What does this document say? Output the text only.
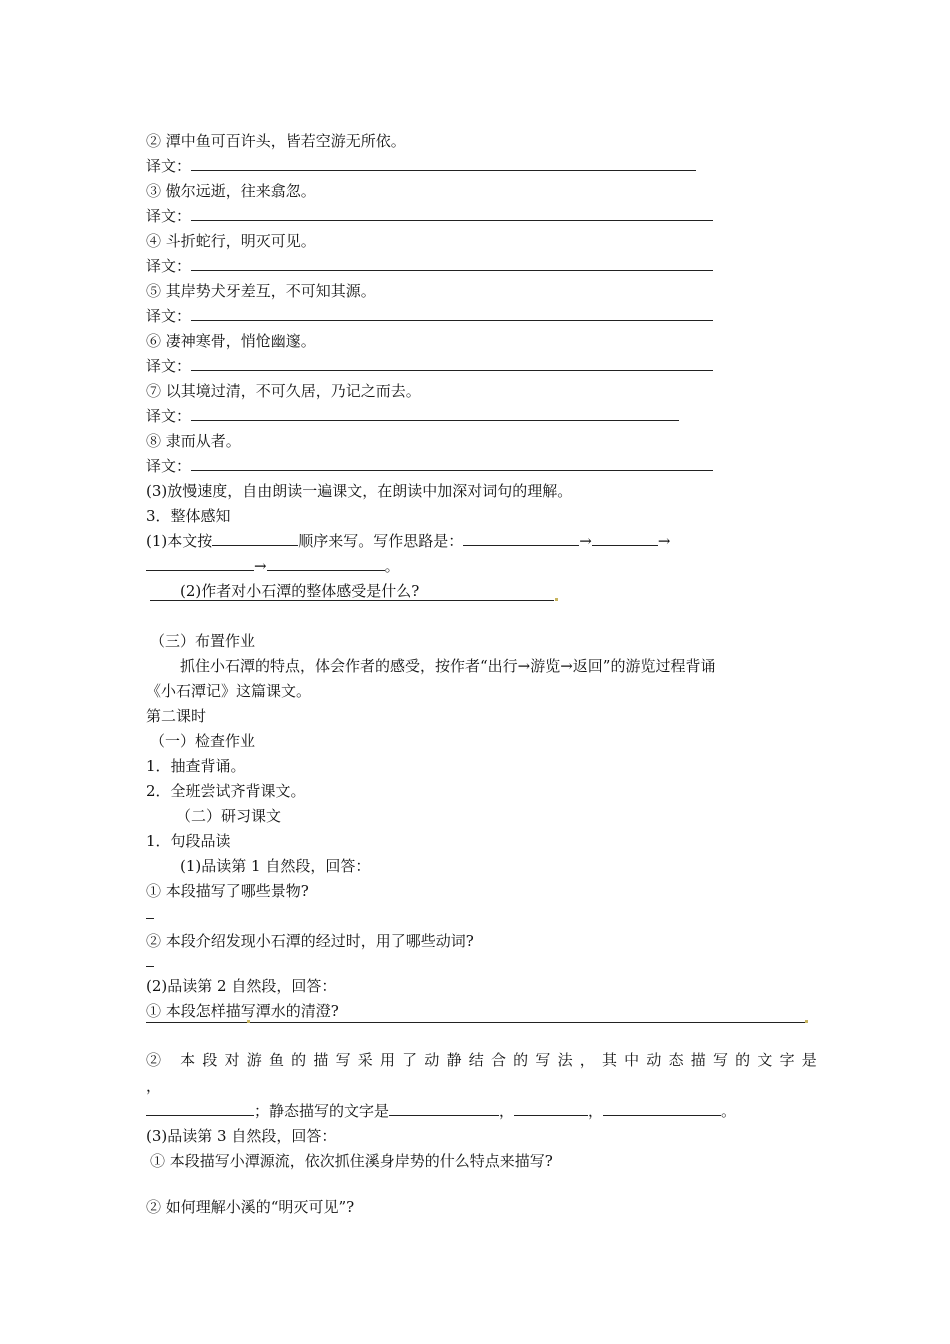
② 潭中鱼可百许头，皆若空游无所依。
译文：
③ 傲尔远逝，往来翕忽。
译文：
④ 斗折蛇行，明灭可见。
译文：
⑤ 其岸势犬牙差互，不可知其源。
译文：
⑥ 凄神寒骨，悄怆幽邃。
译文：
⑦ 以其境过清，不可久居，乃记之而去。
译文：
⑧ 隶而从者。
译文：
(3)放慢速度，自由朗读一遍课文，在朗读中加深对词句的理解。
3．整体感知
(1)本文按	顺序来写。写作思路是：	→	→
→	。
(2)作者对小石潭的整体感受是什么?
（三）布置作业
抓住小石潭的特点，体会作者的感受，按作者“出行→游览→返回”的游览过程背诵
《小石潭记》这篇课文。
第二课时
（一）检查作业
1．抽查背诵。
2．全班尝试齐背课文。
（二）研习课文
1．句段品读
(1)品读第 1 自然段，回答：
① 本段描写了哪些景物?
② 本段介绍发现小石潭的经过时，用了哪些动词?
(2)品读第 2 自然段，回答：
① 本段怎样描写潭水的清澄?
② 本段对游鱼的描写采用了动静结合的写法，其中动态描写的文字是
，
；静态描写的文字是	，	，	。
(3)品读第 3 自然段，回答：
① 本段描写小潭源流，依次抓住溪身岸势的什么特点来描写?
② 如何理解小溪的“明灭可见”?
